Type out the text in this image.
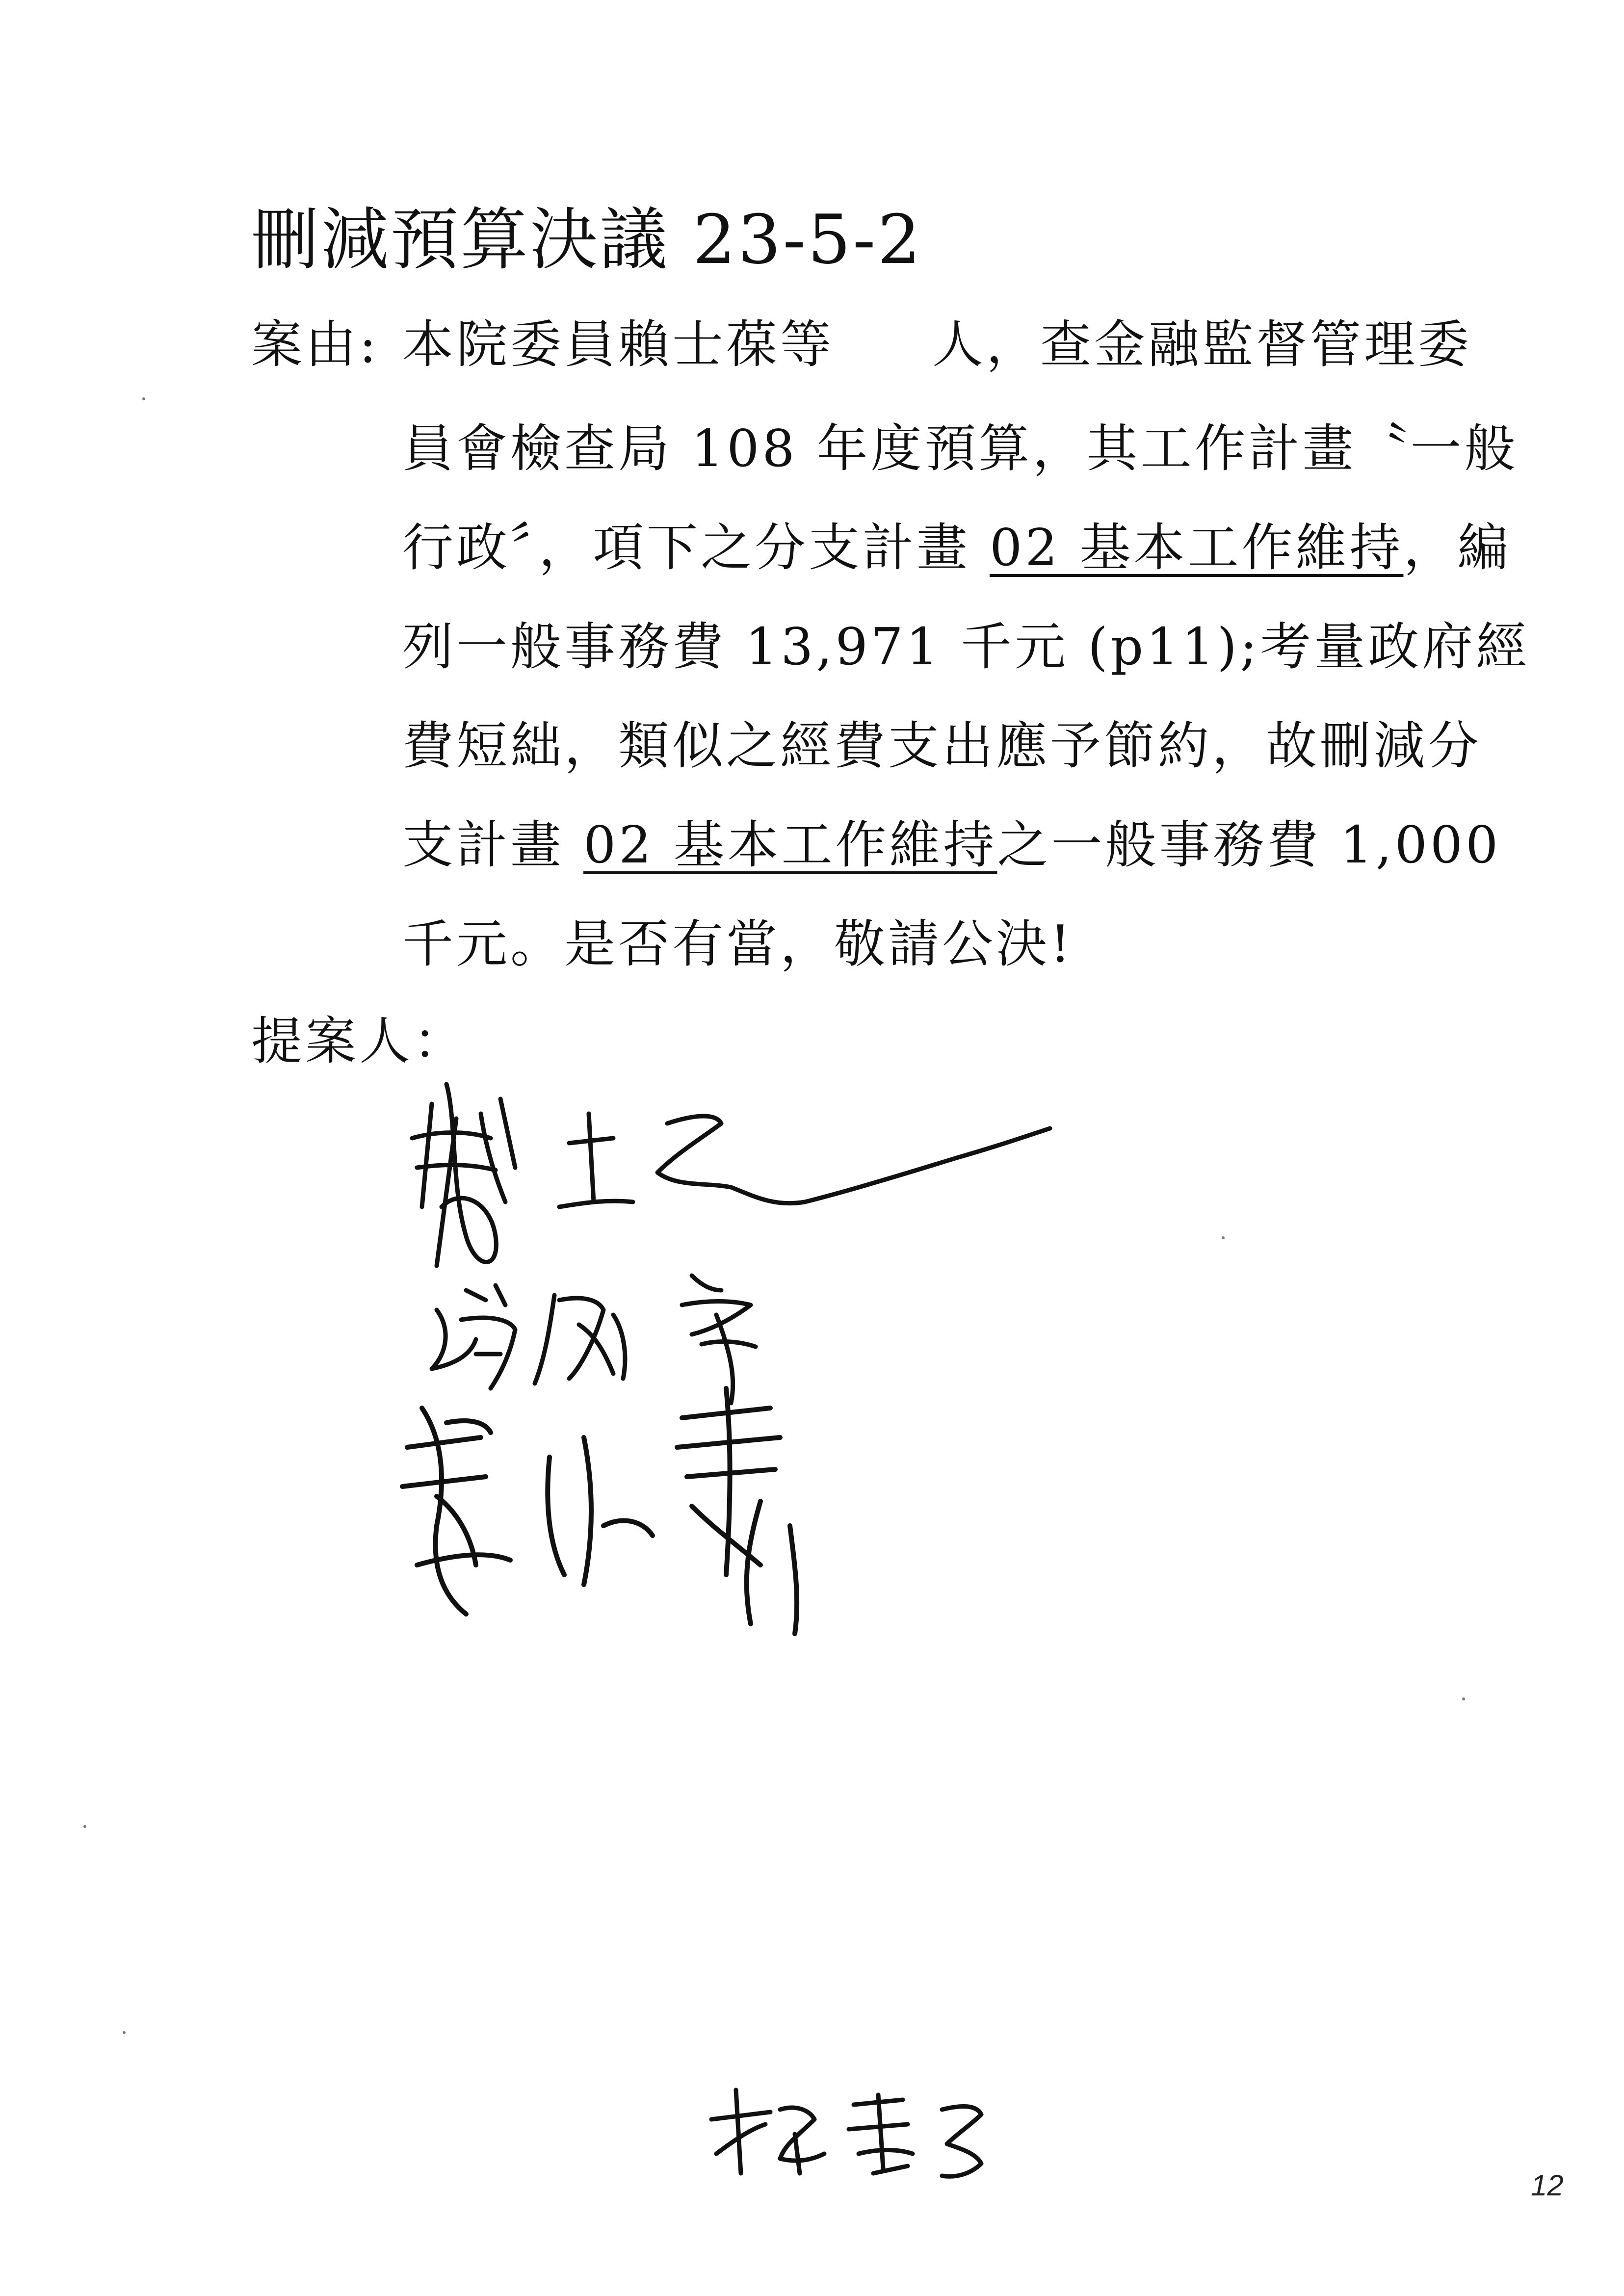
刪減預算決議 23-5-2
案由: 本院委員賴士葆等 人，查金融監督管理委
員會檢查局 108 年度預算，其工作計畫〝一般
行政〞，項下之分支計畫 02 基本工作維持，編
列一般事務費 13,971 千元 (p11);考量政府經
費短絀，類似之經費支出應予節約，故刪減分
支計畫 02 基本工作維持之一般事務費 1,000
千元。是否有當，敬請公決!
提案人：
12
